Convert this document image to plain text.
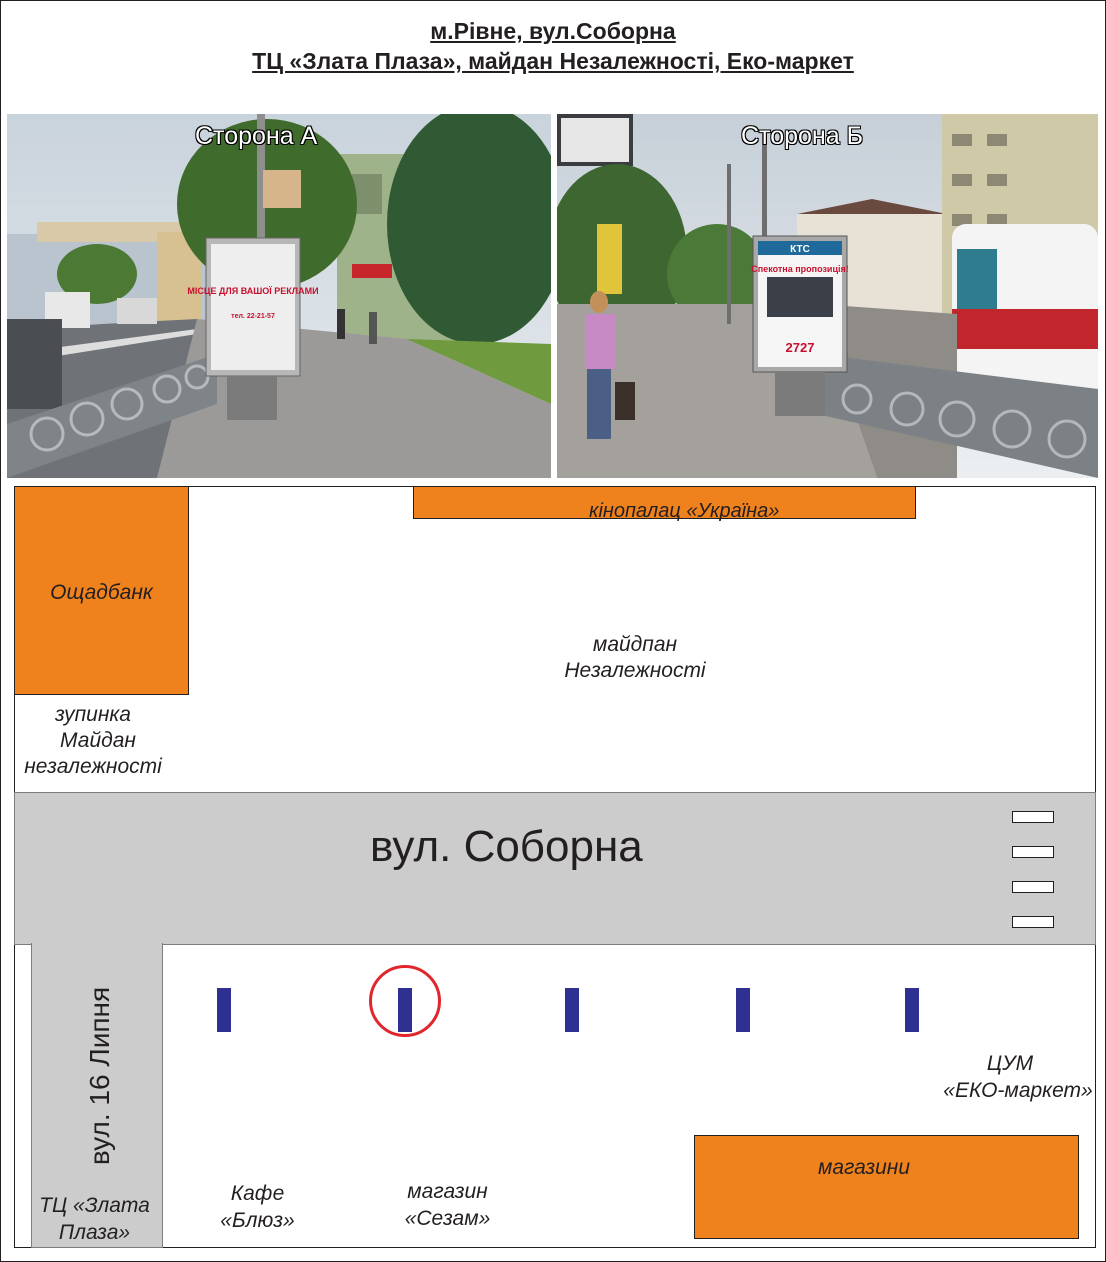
м.Рівне, вул.Соборна
ТЦ «Злата Плаза», майдан Незалежності, Еко-маркет
МІСЦЕ ДЛЯ ВАШОЇ РЕКЛАМИ
тел. 22-21-57
Сторона А
КТС
Спекотна пропозиція!
2727
Сторона Б
Ощадбанк
кінопалац «Україна»
майдпан
Незалежності
зупинка
Майдан
незалежності
вул. Соборна
вул. 16 Липня	ЦУМ
«ЕКО-маркет»
магазини
Кафе
«Блюз»
магазин
«Сезам»
ТЦ «Злата
Плаза»
